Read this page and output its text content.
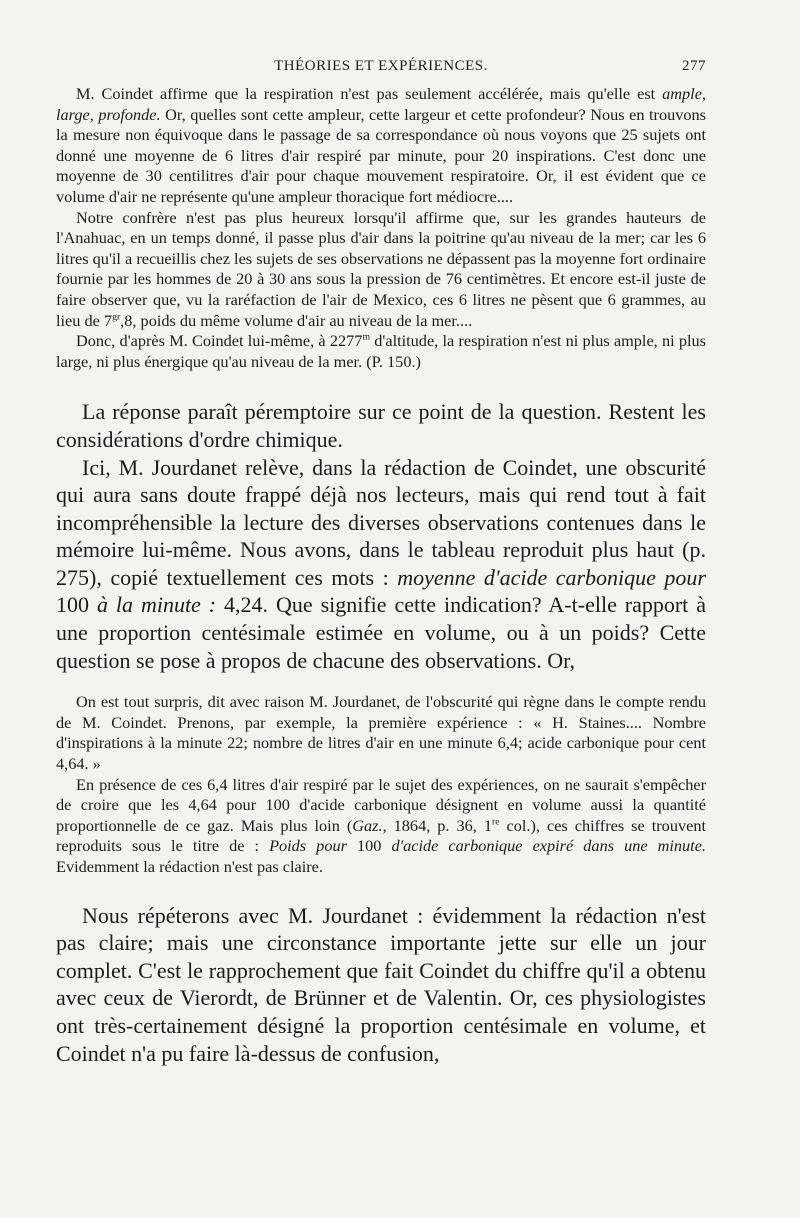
THÉORIES ET EXPÉRIENCES.	277

M. Coindet affirme que la respiration n'est pas seulement accélérée, mais qu'elle est ample, large, profonde. Or, quelles sont cette ampleur, cette largeur et cette profondeur? Nous en trouvons la mesure non équivoque dans le passage de sa correspondance où nous voyons que 25 sujets ont donné une moyenne de 6 litres d'air respiré par minute, pour 20 inspirations. C'est donc une moyenne de 30 centilitres d'air pour chaque mouvement respiratoire. Or, il est évident que ce volume d'air ne représente qu'une ampleur thoracique fort médiocre....

Notre confrère n'est pas plus heureux lorsqu'il affirme que, sur les grandes hauteurs de l'Anahuac, en un temps donné, il passe plus d'air dans la poitrine qu'au niveau de la mer; car les 6 litres qu'il a recueillis chez les sujets de ses observations ne dépassent pas la moyenne fort ordinaire fournie par les hommes de 20 à 30 ans sous la pression de 76 centimètres. Et encore est-il juste de faire observer que, vu la raréfaction de l'air de Mexico, ces 6 litres ne pèsent que 6 grammes, au lieu de $7^{gr},8$, poids du même volume d'air au niveau de la mer....

Donc, d'après M. Coindet lui-même, à 2277$^m$ d'altitude, la respiration n'est ni plus ample, ni plus large, ni plus énergique qu'au niveau de la mer. (P. 150.)

La réponse paraît péremptoire sur ce point de la question. Restent les considérations d'ordre chimique.

Ici, M. Jourdanet relève, dans la rédaction de Coindet, une obscurité qui aura sans doute frappé déjà nos lecteurs, mais qui rend tout à fait incompréhensible la lecture des diverses observations contenues dans le mémoire lui-même. Nous avons, dans le tableau reproduit plus haut (p. 275), copié textuellement ces mots : moyenne d'acide carbonique pour 100 à la minute : 4,24. Que signifie cette indication? A-t-elle rapport à une proportion centésimale estimée en volume, ou à un poids? Cette question se pose à propos de chacune des observations. Or,

On est tout surpris, dit avec raison M. Jourdanet, de l'obscurité qui règne dans le compte rendu de M. Coindet. Prenons, par exemple, la première expérience : « H. Staines.... Nombre d'inspirations à la minute 22; nombre de litres d'air en une minute 6,4; acide carbonique pour cent 4,64. »

En présence de ces 6,4 litres d'air respiré par le sujet des expériences, on ne saurait s'empêcher de croire que les 4,64 pour 100 d'acide carbonique désignent en volume aussi la quantité proportionnelle de ce gaz. Mais plus loin (Gaz., 1864, p. 36, 1re col.), ces chiffres se trouvent reproduits sous le titre de : Poids pour 100 d'acide carbonique expiré dans une minute. Evidemment la rédaction n'est pas claire.

Nous répéterons avec M. Jourdanet : évidemment la rédaction n'est pas claire; mais une circonstance importante jette sur elle un jour complet. C'est le rapprochement que fait Coindet du chiffre qu'il a obtenu avec ceux de Vierordt, de Brünner et de Valentin. Or, ces physiologistes ont très-certainement désigné la proportion centésimale en volume, et Coindet n'a pu faire là-dessus de confusion,
